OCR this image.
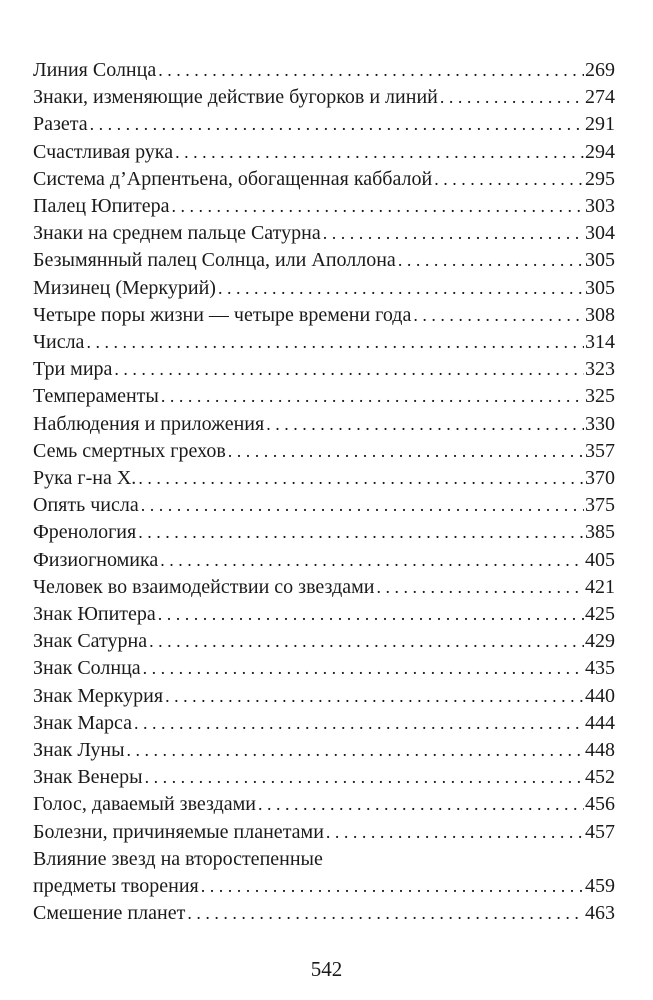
Линия Солнца . . .	269
Знаки, изменяющие действие бугорков и линий . . .	274
Разета . . .	291
Счастливая рука . . .	294
Система д’Арпентьена, обогащенная каббалой . . .	295
Палец Юпитера . . .	303
Знаки на среднем пальце Сатурна . . .	304
Безымянный палец Солнца, или Аполлона . . .	305
Мизинец (Меркурий) . . .	305
Четыре поры жизни — четыре времени года . . .	308
Числа . . .	314
Три мира . . .	323
Темпераменты . . .	325
Наблюдения и приложения . . .	330
Семь смертных грехов . . .	357
Рука г-на X. . . .	370
Опять числа . . .	375
Френология . . .	385
Физиогномика . . .	405
Человек во взаимодействии со звездами . . .	421
Знак Юпитера . . .	425
Знак Сатурна . . .	429
Знак Солнца . . .	435
Знак Меркурия . . .	440
Знак Марса . . .	444
Знак Луны . . .	448
Знак Венеры . . .	452
Голос, даваемый звездами . . .	456
Болезни, причиняемые планетами . . .	457
Влияние звезд на второстепенные
предметы творения . . .	459
Смешение планет . . .	463
542
